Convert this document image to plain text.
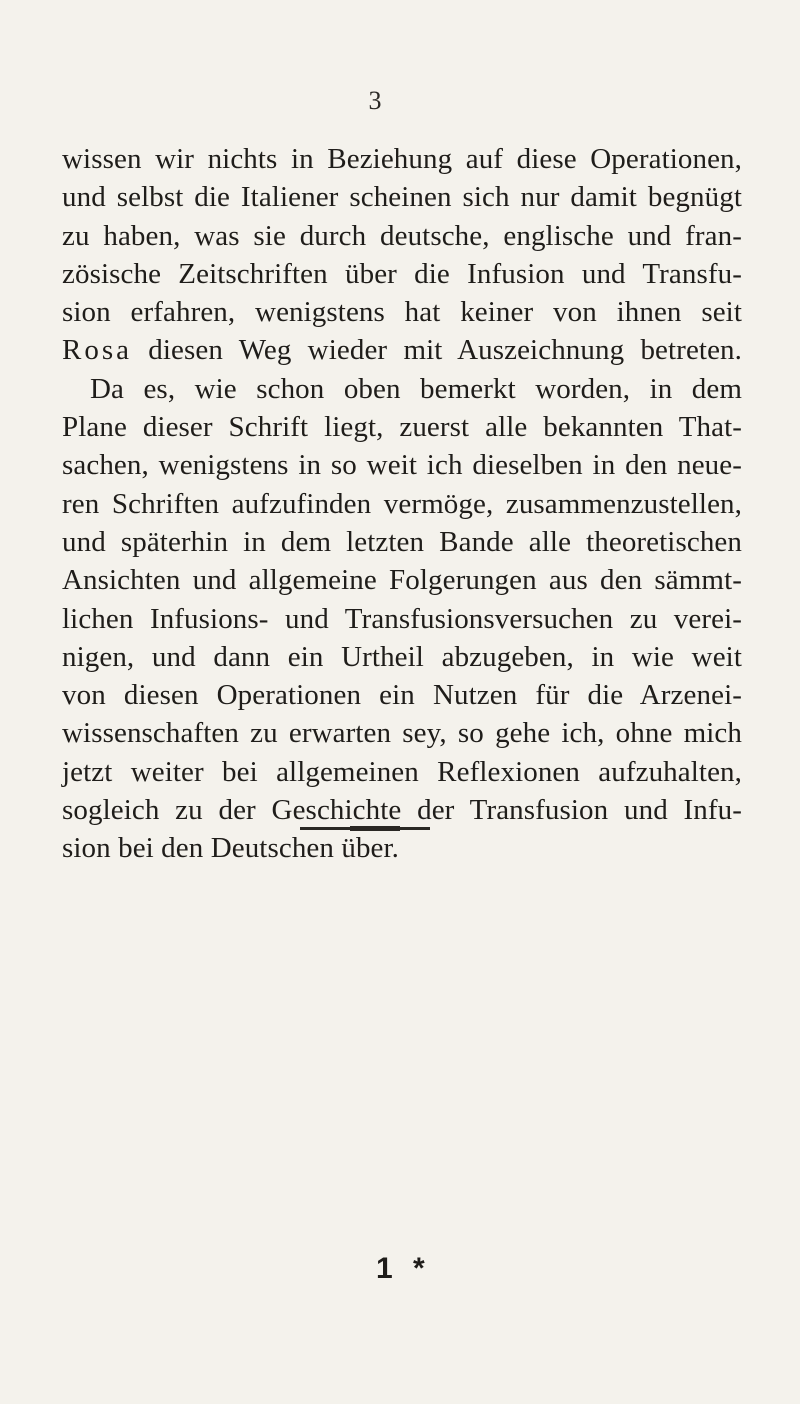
3
wissen wir nichts in Beziehung auf diese Operationen,
und selbst die Italiener scheinen sich nur damit begnügt
zu haben, was sie durch deutsche, englische und fran-
zösische Zeitschriften über die Infusion und Transfu-
sion erfahren, wenigstens hat keiner von ihnen seit
Rosa diesen Weg wieder mit Auszeichnung betreten.
Da es, wie schon oben bemerkt worden, in dem
Plane dieser Schrift liegt, zuerst alle bekannten That-
sachen, wenigstens in so weit ich dieselben in den neue-
ren Schriften aufzufinden vermöge, zusammenzustellen,
und späterhin in dem letzten Bande alle theoretischen
Ansichten und allgemeine Folgerungen aus den sämmt-
lichen Infusions- und Transfusionsversuchen zu verei-
nigen, und dann ein Urtheil abzugeben, in wie weit
von diesen Operationen ein Nutzen für die Arzenei-
wissenschaften zu erwarten sey, so gehe ich, ohne mich
jetzt weiter bei allgemeinen Reflexionen aufzuhalten,
sogleich zu der Geschichte der Transfusion und Infu-
sion bei den Deutschen über.
1 *
